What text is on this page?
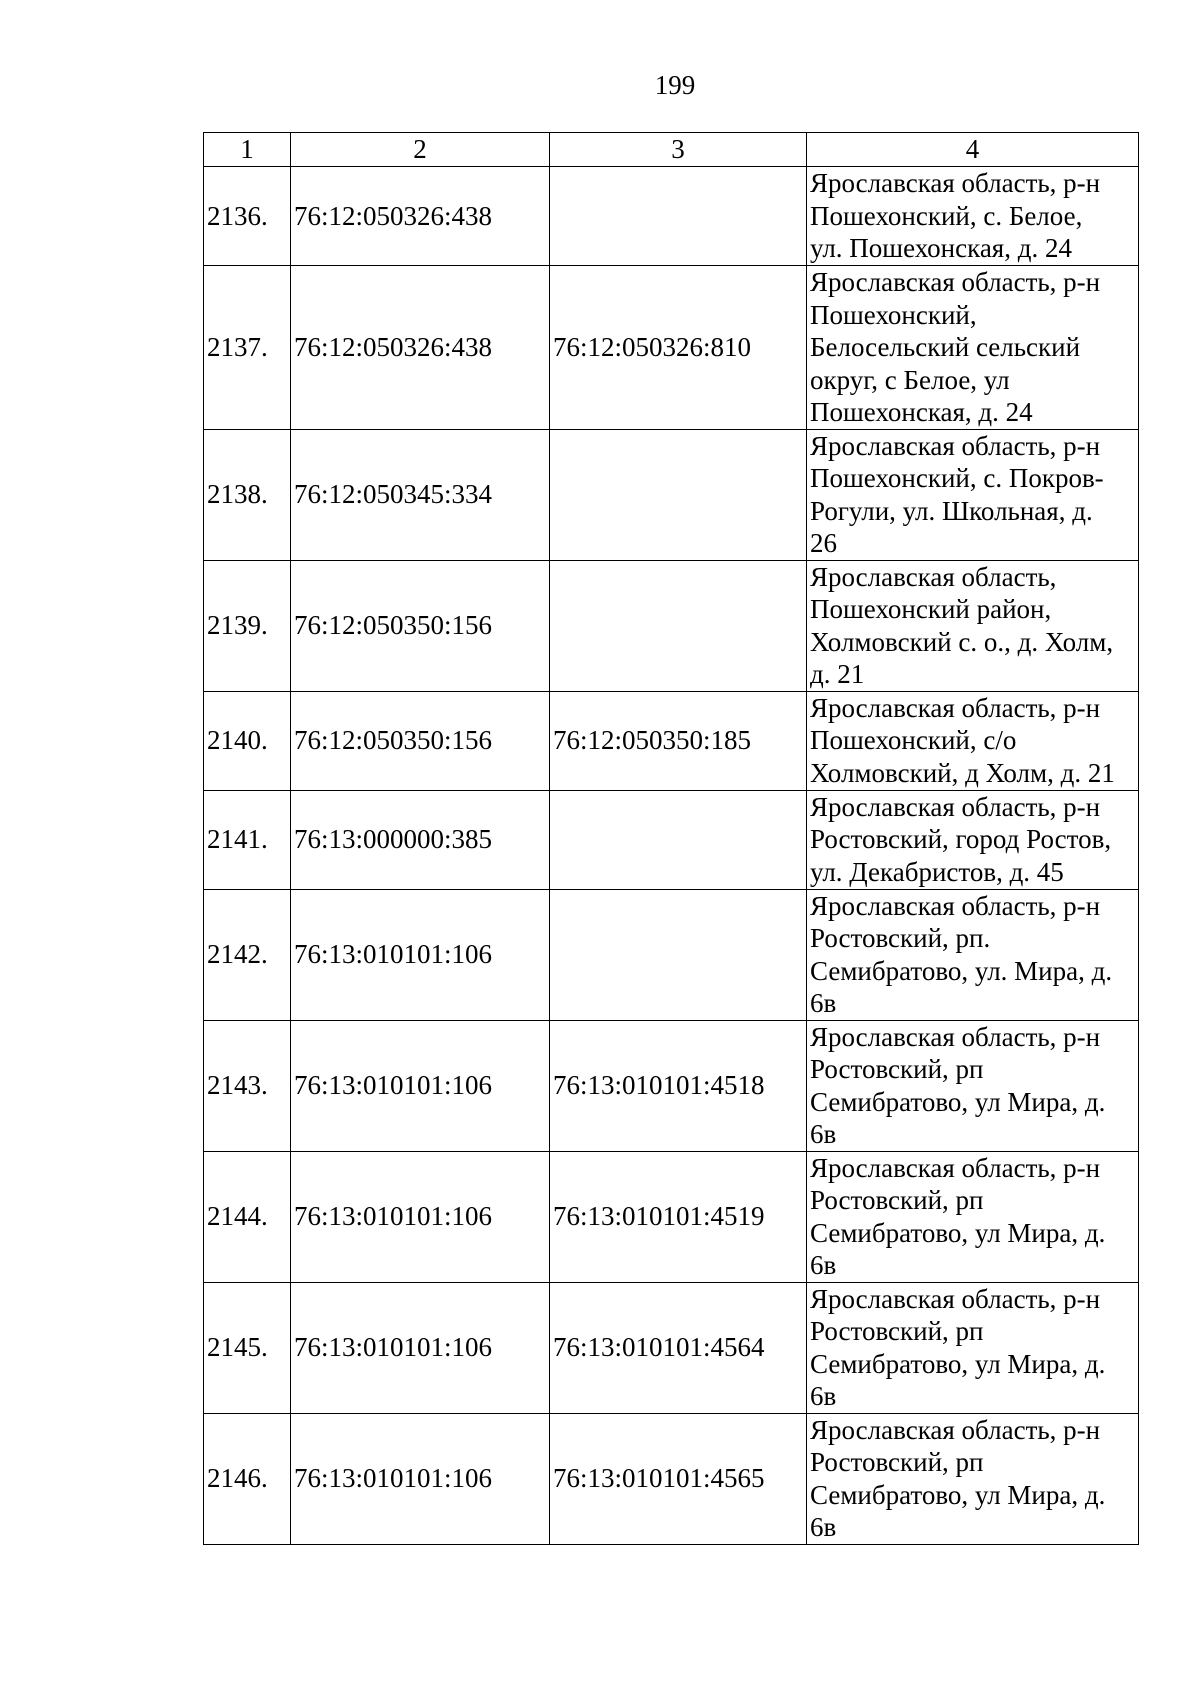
199
1	2	3	4
2136.	76:12:050326:438		Ярославская область, р-н
Пошехонский, с. Белое,
ул. Пошехонская, д. 24

2137.	76:12:050326:438	76:12:050326:810	Ярославская область, р-н
Пошехонский,
Белосельский сельский
округ, с Белое, ул
Пошехонская, д. 24

2138.	76:12:050345:334		Ярославская область, р-н
Пошехонский, с. Покров-
Рогули, ул. Школьная, д.
26

2139.	76:12:050350:156		Ярославская область,
Пошехонский район,
Холмовский с. о., д. Холм,
д. 21

2140.	76:12:050350:156	76:12:050350:185	Ярославская область, р-н
Пошехонский, с/о
Холмовский, д Холм, д. 21

2141.	76:13:000000:385		Ярославская область, р-н
Ростовский, город Ростов,
ул. Декабристов, д. 45

2142.	76:13:010101:106		Ярославская область, р-н
Ростовский, рп.
Семибратово, ул. Мира, д.
6в

2143.	76:13:010101:106	76:13:010101:4518	Ярославская область, р-н
Ростовский, рп
Семибратово, ул Мира, д.
6в

2144.	76:13:010101:106	76:13:010101:4519	Ярославская область, р-н
Ростовский, рп
Семибратово, ул Мира, д.
6в

2145.	76:13:010101:106	76:13:010101:4564	Ярославская область, р-н
Ростовский, рп
Семибратово, ул Мира, д.
6в

2146.	76:13:010101:106	76:13:010101:4565	Ярославская область, р-н
Ростовский, рп
Семибратово, ул Мира, д.
6в
